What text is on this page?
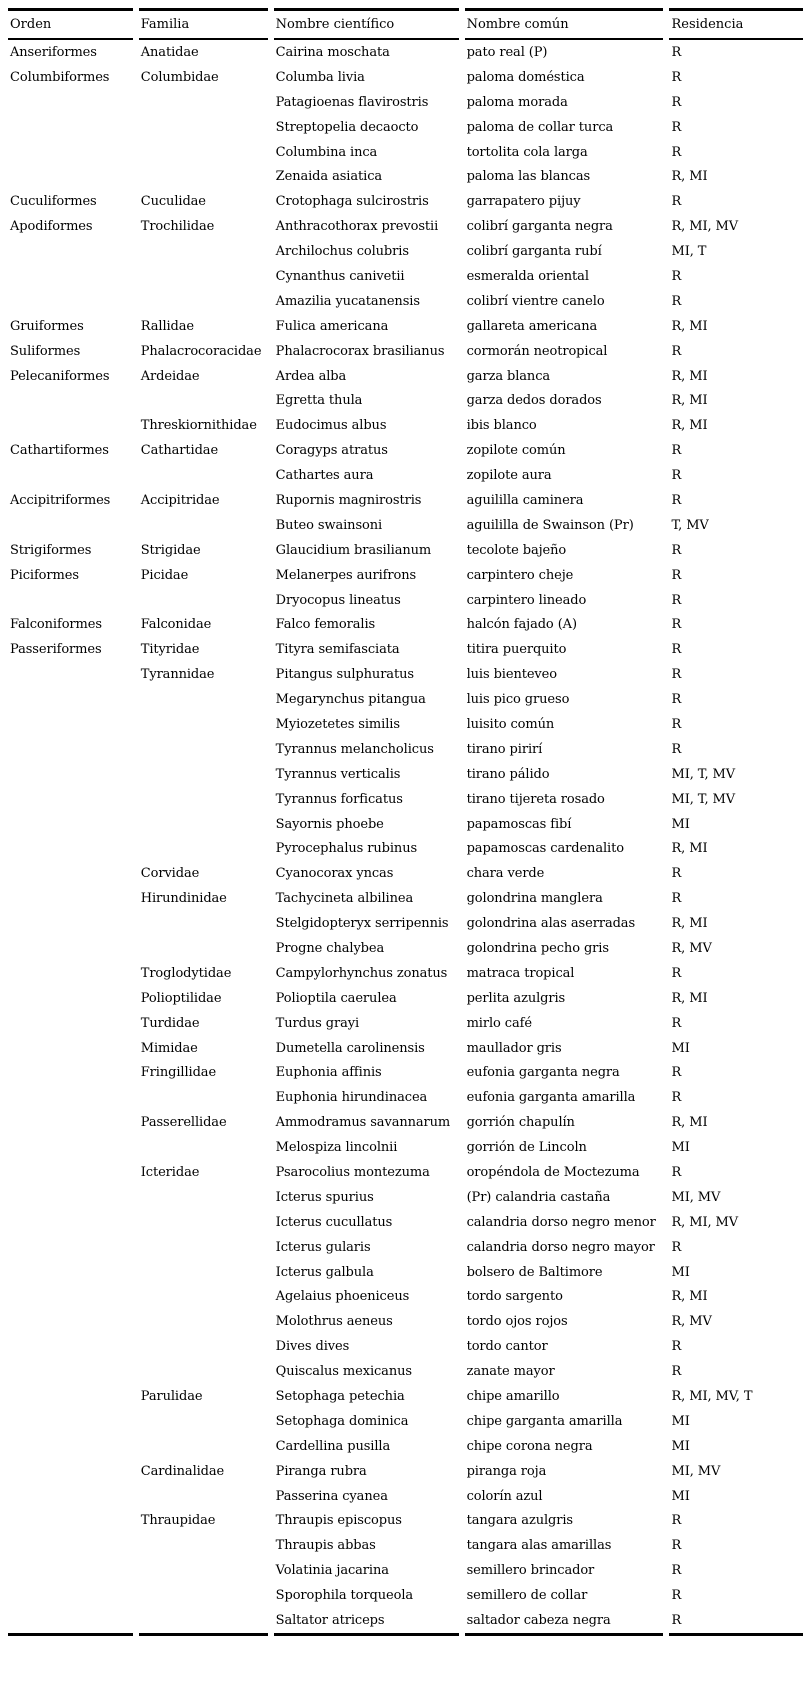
Orden	Familia	Nombre científico	Nombre común	Residencia
Anseriformes	Anatidae	Cairina moschata	pato real (P)	R
Columbiformes	Columbidae	Columba livia	paloma doméstica	R
		Patagioenas flavirostris	paloma morada	R
		Streptopelia decaocto	paloma de collar turca	R
		Columbina inca	tortolita cola larga	R
		Zenaida asiatica	paloma las blancas	R, MI
Cuculiformes	Cuculidae	Crotophaga sulcirostris	garrapatero pijuy	R
Apodiformes	Trochilidae	Anthracothorax prevostii	colibrí garganta negra	R, MI, MV
		Archilochus colubris	colibrí garganta rubí	MI, T
		Cynanthus canivetii	esmeralda oriental	R
		Amazilia yucatanensis	colibrí vientre canelo	R
Gruiformes	Rallidae	Fulica americana	gallareta americana	R, MI
Suliformes	Phalacrocoracidae	Phalacrocorax brasilianus	cormorán neotropical	R
Pelecaniformes	Ardeidae	Ardea alba	garza blanca	R, MI
		Egretta thula	garza dedos dorados	R, MI
	Threskiornithidae	Eudocimus albus	ibis blanco	R, MI
Cathartiformes	Cathartidae	Coragyps atratus	zopilote común	R
		Cathartes aura	zopilote aura	R
Accipitriformes	Accipitridae	Rupornis magnirostris	aguililla caminera	R
		Buteo swainsoni	aguililla de Swainson (Pr)	T, MV
Strigiformes	Strigidae	Glaucidium brasilianum	tecolote bajeño	R
Piciformes	Picidae	Melanerpes aurifrons	carpintero cheje	R
		Dryocopus lineatus	carpintero lineado	R
Falconiformes	Falconidae	Falco femoralis	halcón fajado (A)	R
Passeriformes	Tityridae	Tityra semifasciata	titira puerquito	R
	Tyrannidae	Pitangus sulphuratus	luis bienteveo	R
		Megarynchus pitangua	luis pico grueso	R
		Myiozetetes similis	luisito común	R
		Tyrannus melancholicus	tirano pirirí	R
		Tyrannus verticalis	tirano pálido	MI, T, MV
		Tyrannus forficatus	tirano tijereta rosado	MI, T, MV
		Sayornis phoebe	papamoscas fibí	MI
		Pyrocephalus rubinus	papamoscas cardenalito	R, MI
	Corvidae	Cyanocorax yncas	chara verde	R
	Hirundinidae	Tachycineta albilinea	golondrina manglera	R
		Stelgidopteryx serripennis	golondrina alas aserradas	R, MI
		Progne chalybea	golondrina pecho gris	R, MV
	Troglodytidae	Campylorhynchus zonatus	matraca tropical	R
	Polioptilidae	Polioptila caerulea	perlita azulgris	R, MI
	Turdidae	Turdus grayi	mirlo café	R
	Mimidae	Dumetella carolinensis	maullador gris	MI
	Fringillidae	Euphonia affinis	eufonia garganta negra	R
		Euphonia hirundinacea	eufonia garganta amarilla	R
	Passerellidae	Ammodramus savannarum	gorrión chapulín	R, MI
		Melospiza lincolnii	gorrión de Lincoln	MI
	Icteridae	Psarocolius montezuma	oropéndola de Moctezuma	R
		Icterus spurius	(Pr) calandria castaña	MI, MV
		Icterus cucullatus	calandria dorso negro menor	R, MI, MV
		Icterus gularis	calandria dorso negro mayor	R
		Icterus galbula	bolsero de Baltimore	MI
		Agelaius phoeniceus	tordo sargento	R, MI
		Molothrus aeneus	tordo ojos rojos	R, MV
		Dives dives	tordo cantor	R
		Quiscalus mexicanus	zanate mayor	R
	Parulidae	Setophaga petechia	chipe amarillo	R, MI, MV, T
		Setophaga dominica	chipe garganta amarilla	MI
		Cardellina pusilla	chipe corona negra	MI
	Cardinalidae	Piranga rubra	piranga roja	MI, MV
		Passerina cyanea	colorín azul	MI
	Thraupidae	Thraupis episcopus	tangara azulgris	R
		Thraupis abbas	tangara alas amarillas	R
		Volatinia jacarina	semillero brincador	R
		Sporophila torqueola	semillero de collar	R
		Saltator atriceps	saltador cabeza negra	R
